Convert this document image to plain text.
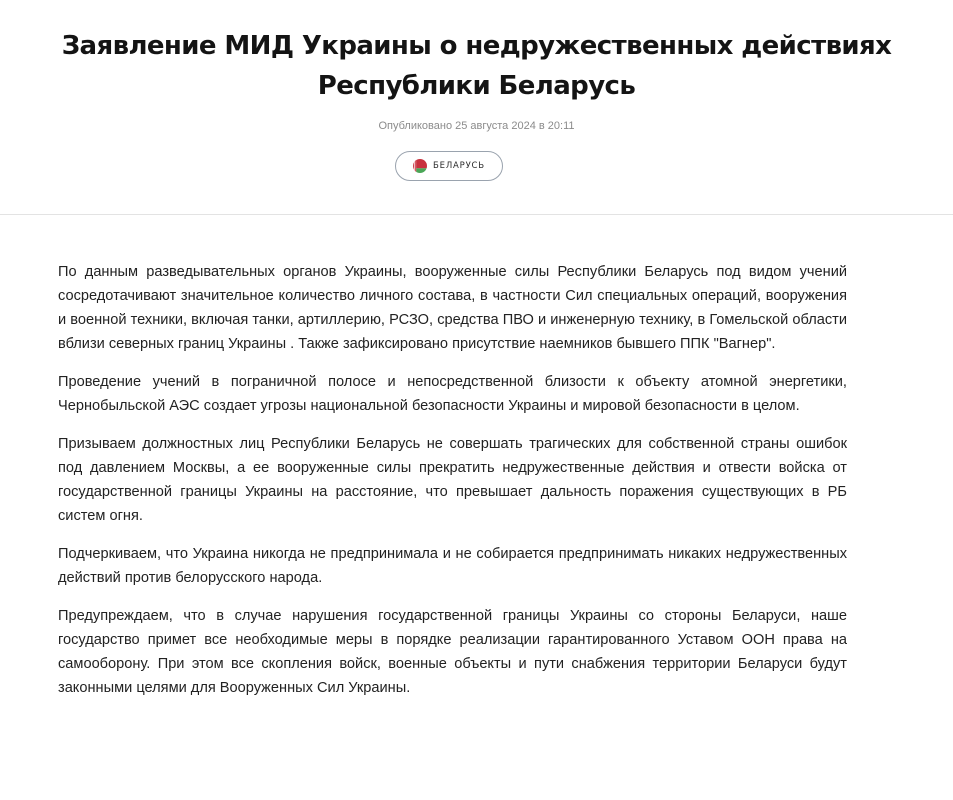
Заявление МИД Украины о недружественных действиях Республики Беларусь
Опубликовано 25 августа 2024 в 20:11
БЕЛАРУСЬ

По данным разведывательных органов Украины, вооруженные силы Республики Беларусь под видом учений сосредотачивают значительное количество личного состава, в частности Сил специальных операций, вооружения и военной техники, включая танки, артиллерию, РСЗО, средства ПВО и инженерную технику, в Гомельской области вблизи северных границ Украины . Также зафиксировано присутствие наемников бывшего ППК "Вагнер".

Проведение учений в пограничной полосе и непосредственной близости к объекту атомной энергетики, Чернобыльской АЭС создает угрозы национальной безопасности Украины и мировой безопасности в целом.

Призываем должностных лиц Республики Беларусь не совершать трагических для собственной страны ошибок под давлением Москвы, а ее вооруженные силы прекратить недружественные действия и отвести войска от государственной границы Украины на расстояние, что превышает дальность поражения существующих в РБ систем огня.

Подчеркиваем, что Украина никогда не предпринимала и не собирается предпринимать никаких недружественных действий против белорусского народа.

Предупреждаем, что в случае нарушения государственной границы Украины со стороны Беларуси, наше государство примет все необходимые меры в порядке реализации гарантированного Уставом ООН права на самооборону. При этом все скопления войск, военные объекты и пути снабжения территории Беларуси будут законными целями для Вооруженных Сил Украины.
